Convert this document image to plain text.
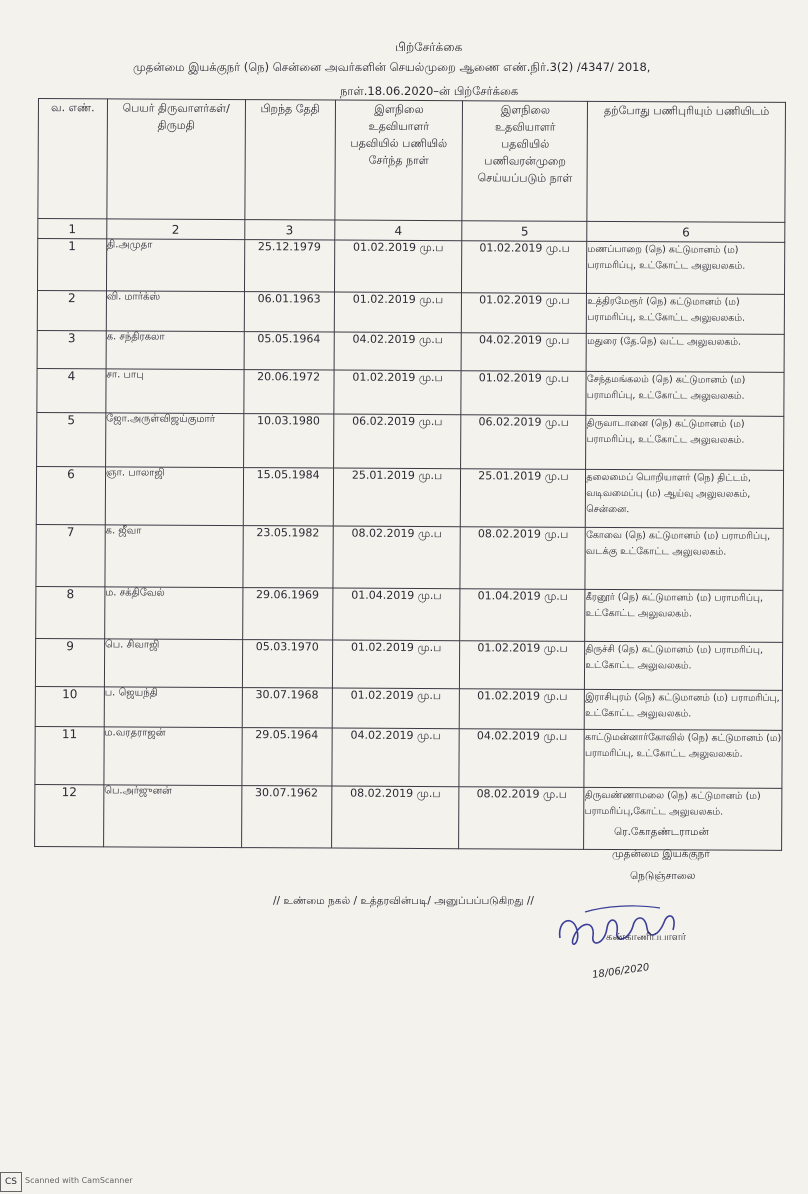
பிற்சேர்க்கை
முதன்மை இயக்குநர் (நெ) சென்னை அவர்களின் செயல்முறை ஆணை எண்.நிர்.3(2) /4347/ 2018,
நாள்.18.06.2020–ன் பிற்சேர்க்கை
வ. எண்.	பெயர் திருவாளர்கள்/ திருமதி	பிறந்த தேதி	இளநிலை உதவியாளர் பதவியில் பணியில் சேர்ந்த நாள்	இளநிலை உதவியாளர் பதவியில் பணிவரன்முறை செய்யப்படும் நாள்	தற்போது பணிபுரியும் பணியிடம்
1	2	3	4	5	6
1	தி.அமுதா	25.12.1979	01.02.2019 மு.ப	01.02.2019 மு.ப	மணப்பாறை (நெ) கட்டுமானம் (ம) பராமரிப்பு, உட்கோட்ட அலுவலகம்.
2	வி. மார்க்ஸ்	06.01.1963	01.02.2019 மு.ப	01.02.2019 மு.ப	உத்திரமேரூர் (நெ) கட்டுமானம் (ம) பராமரிப்பு, உட்கோட்ட அலுவலகம்.
3	க. சந்திரகலா	05.05.1964	04.02.2019 மு.ப	04.02.2019 மு.ப	மதுரை (தே.நெ) வட்ட அலுவலகம்.
4	சா. பாபு	20.06.1972	01.02.2019 மு.ப	01.02.2019 மு.ப	சேந்தமங்கலம் (நெ) கட்டுமானம் (ம) பராமரிப்பு, உட்கோட்ட அலுவலகம்.
5	ஜோ.அருள்விஜய்குமார்	10.03.1980	06.02.2019 மு.ப	06.02.2019 மு.ப	திருவாடானை (நெ) கட்டுமானம் (ம) பராமரிப்பு, உட்கோட்ட அலுவலகம்.
6	ஞா. பாலாஜி	15.05.1984	25.01.2019 மு.ப	25.01.2019 மு.ப	தலைமைப் பொறியாளர் (நெ) திட்டம், வடிவமைப்பு (ம) ஆய்வு அலுவலகம், சென்னை.
7	க. ஜீவா	23.05.1982	08.02.2019 மு.ப	08.02.2019 மு.ப	கோவை (நெ) கட்டுமானம் (ம) பராமரிப்பு, வடக்கு உட்கோட்ட அலுவலகம்.
8	ம. சக்திவேல்	29.06.1969	01.04.2019 மு.ப	01.04.2019 மு.ப	கீரனூர் (நெ) கட்டுமானம் (ம) பராமரிப்பு, உட்கோட்ட அலுவலகம்.
9	பெ. சிவாஜி	05.03.1970	01.02.2019 மு.ப	01.02.2019 மு.ப	திருச்சி (நெ) கட்டுமானம் (ம) பராமரிப்பு, உட்கோட்ட அலுவலகம்.
10	ப. ஜெயந்தி	30.07.1968	01.02.2019 மு.ப	01.02.2019 மு.ப	இராசிபுரம் (நெ) கட்டுமானம் (ம) பராமரிப்பு, உட்கோட்ட அலுவலகம்.
11	ம.வரதராஜன்	29.05.1964	04.02.2019 மு.ப	04.02.2019 மு.ப	காட்டுமன்னார்கோவில் (நெ) கட்டுமானம் (ம) பராமரிப்பு, உட்கோட்ட அலுவலகம்.
12	பெ.அர்ஜுனன்	30.07.1962	08.02.2019 மு.ப	08.02.2019 மு.ப	திருவண்ணாமலை (நெ) கட்டுமானம் (ம) பராமரிப்பு,கோட்ட அலுவலகம்.
ரெ.கோதண்டராமன்
முதன்மை இயக்குநர்
நெடுஞ்சாலை
// உண்மை நகல் / உத்தரவின்படி/ அனுப்பப்படுகிறது //
கண்காணிப்பாளர்
18/06/2020
CS	Scanned with CamScanner
